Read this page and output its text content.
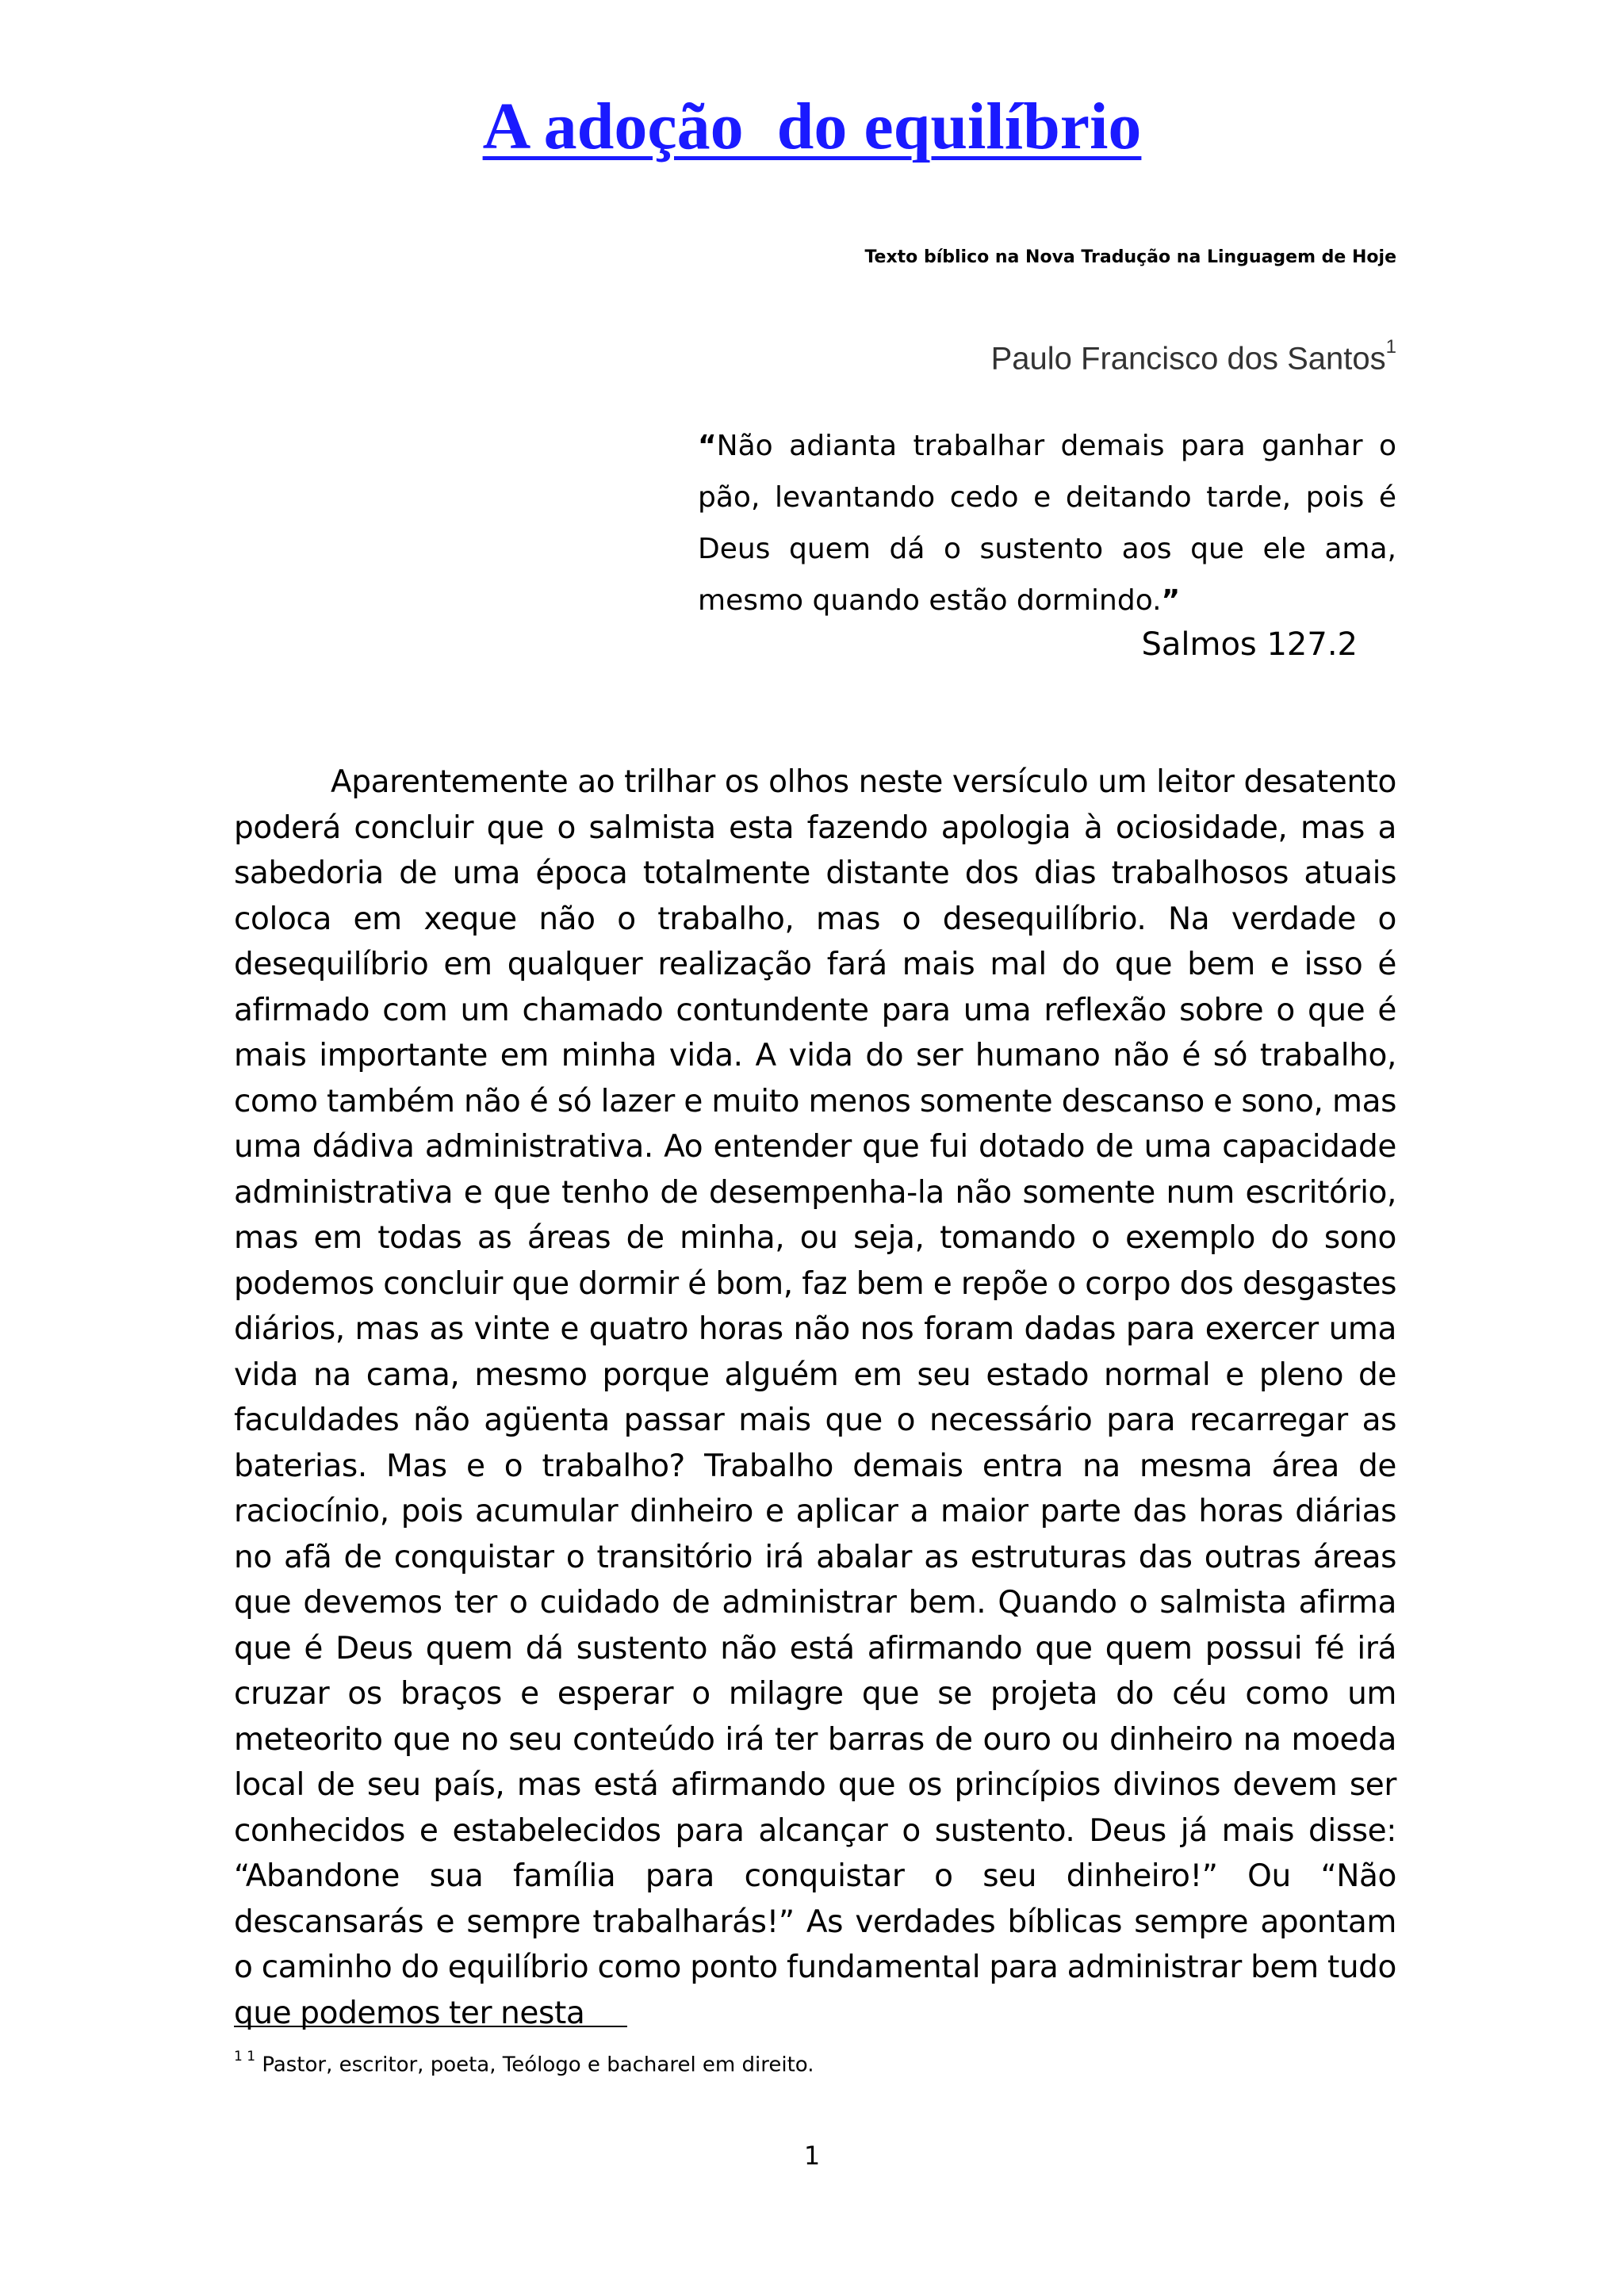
A adoção  do equilíbrio
Texto bíblico na Nova Tradução na Linguagem de Hoje
Paulo Francisco dos Santos$^1$
“Não adianta trabalhar demais para ganhar o pão, levantando cedo e deitando tarde, pois é Deus quem dá o sustento aos que ele ama, mesmo quando estão dormindo.”
Salmos 127.2

Aparentemente ao trilhar os olhos neste versículo um leitor desatento poderá concluir que o salmista esta fazendo apologia à ociosidade, mas a sabedoria de uma época totalmente distante dos dias trabalhosos atuais coloca em xeque não o trabalho, mas o desequilíbrio. Na verdade o desequilíbrio em qualquer realização fará mais mal do que bem e isso é afirmado com um chamado contundente para uma reflexão sobre o que é mais importante em minha vida. A vida do ser humano não é só trabalho, como também não é só lazer e muito menos somente descanso e sono, mas uma dádiva administrativa. Ao entender que fui dotado de uma capacidade administrativa e que tenho de desempenha-la não somente num escritório, mas em todas as áreas de minha, ou seja, tomando o exemplo do sono podemos concluir que dormir é bom, faz bem e repõe o corpo dos desgastes diários, mas as vinte e quatro horas não nos foram dadas para exercer uma vida na cama, mesmo porque alguém em seu estado normal e pleno de faculdades não agüenta passar mais que o necessário para recarregar as baterias. Mas e o trabalho? Trabalho demais entra na mesma área de raciocínio, pois acumular dinheiro e aplicar a maior parte das horas diárias no afã de conquistar o transitório irá abalar as estruturas das outras áreas que devemos ter o cuidado de administrar bem. Quando o salmista afirma que é Deus quem dá sustento não está afirmando que quem possui fé irá cruzar os braços e esperar o milagre que se projeta do céu como um meteorito que no seu conteúdo irá ter barras de ouro ou dinheiro na moeda local de seu país, mas está afirmando que os princípios divinos devem ser conhecidos e estabelecidos para alcançar o sustento. Deus já mais disse: “Abandone sua família para conquistar o seu dinheiro!” Ou “Não descansarás e sempre trabalharás!” As verdades bíblicas sempre apontam o caminho do equilíbrio como ponto fundamental para administrar bem tudo que podemos ter nesta

$^{1 1}$ Pastor, escritor, poeta, Teólogo e bacharel em direito.
1
